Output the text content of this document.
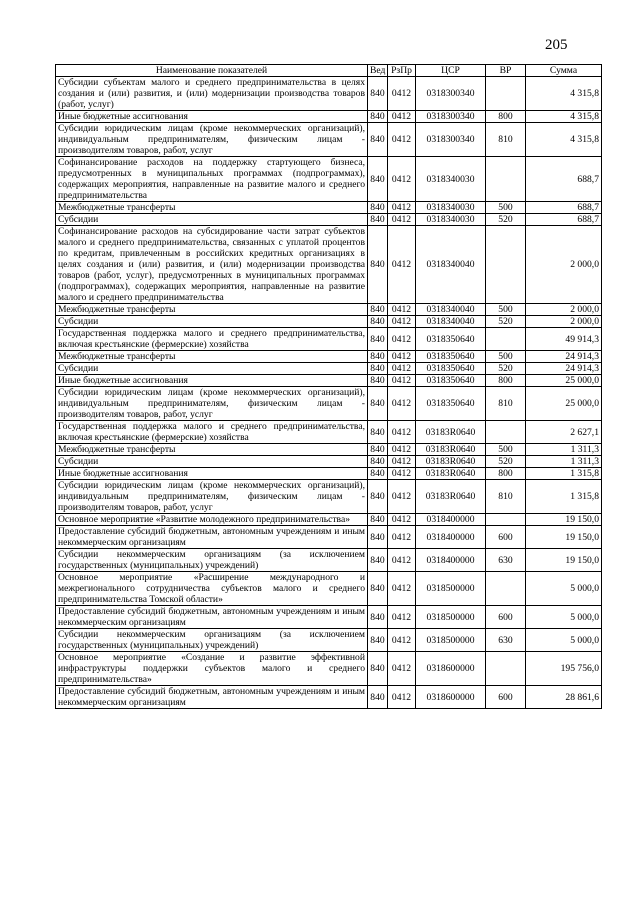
205
Наименование показателей	Вед	РзПр	ЦСР	ВР	Сумма
Субсидии субъектам малого и среднего предпринимательства в целях создания и (или) развития, и (или) модернизации производства товаров (работ, услуг)	840	0412	0318300340		4 315,8
Иные бюджетные ассигнования	840	0412	0318300340	800	4 315,8
Субсидии юридическим лицам (кроме некоммерческих организаций), индивидуальным предпринимателям, физическим лицам - производителям товаров, работ, услуг	840	0412	0318300340	810	4 315,8
Софинансирование расходов на поддержку стартующего бизнеса, предусмотренных в муниципальных программах (подпрограммах), содержащих мероприятия, направленные на развитие малого и среднего предпринимательства	840	0412	0318340030		688,7
Межбюджетные трансферты	840	0412	0318340030	500	688,7
Субсидии	840	0412	0318340030	520	688,7
Софинансирование расходов на субсидирование части затрат субъектов малого и среднего предпринимательства, связанных с уплатой процентов по кредитам, привлеченным в российских кредитных организациях в целях создания и (или) развития, и (или) модернизации производства товаров (работ, услуг), предусмотренных в муниципальных программах (подпрограммах), содержащих мероприятия, направленные на развитие малого и среднего предпринимательства	840	0412	0318340040		2 000,0
Межбюджетные трансферты	840	0412	0318340040	500	2 000,0
Субсидии	840	0412	0318340040	520	2 000,0
Государственная поддержка малого и среднего предпринимательства, включая крестьянские (фермерские) хозяйства	840	0412	0318350640		49 914,3
Межбюджетные трансферты	840	0412	0318350640	500	24 914,3
Субсидии	840	0412	0318350640	520	24 914,3
Иные бюджетные ассигнования	840	0412	0318350640	800	25 000,0
Субсидии юридическим лицам (кроме некоммерческих организаций), индивидуальным предпринимателям, физическим лицам - производителям товаров, работ, услуг	840	0412	0318350640	810	25 000,0
Государственная поддержка малого и среднего предпринимательства, включая крестьянские (фермерские) хозяйства	840	0412	03183R0640		2 627,1
Межбюджетные трансферты	840	0412	03183R0640	500	1 311,3
Субсидии	840	0412	03183R0640	520	1 311,3
Иные бюджетные ассигнования	840	0412	03183R0640	800	1 315,8
Субсидии юридическим лицам (кроме некоммерческих организаций), индивидуальным предпринимателям, физическим лицам - производителям товаров, работ, услуг	840	0412	03183R0640	810	1 315,8
Основное мероприятие «Развитие молодежного предпринимательства»	840	0412	0318400000		19 150,0
Предоставление субсидий бюджетным, автономным учреждениям и иным некоммерческим организациям	840	0412	0318400000	600	19 150,0
Субсидии некоммерческим организациям (за исключением государственных (муниципальных) учреждений)	840	0412	0318400000	630	19 150,0
Основное мероприятие «Расширение международного и межрегионального сотрудничества субъектов малого и среднего предпринимательства Томской области»	840	0412	0318500000		5 000,0
Предоставление субсидий бюджетным, автономным учреждениям и иным некоммерческим организациям	840	0412	0318500000	600	5 000,0
Субсидии некоммерческим организациям (за исключением государственных (муниципальных) учреждений)	840	0412	0318500000	630	5 000,0
Основное мероприятие «Создание и развитие эффективной инфраструктуры поддержки субъектов малого и среднего предпринимательства»	840	0412	0318600000		195 756,0
Предоставление субсидий бюджетным, автономным учреждениям и иным некоммерческим организациям	840	0412	0318600000	600	28 861,6
